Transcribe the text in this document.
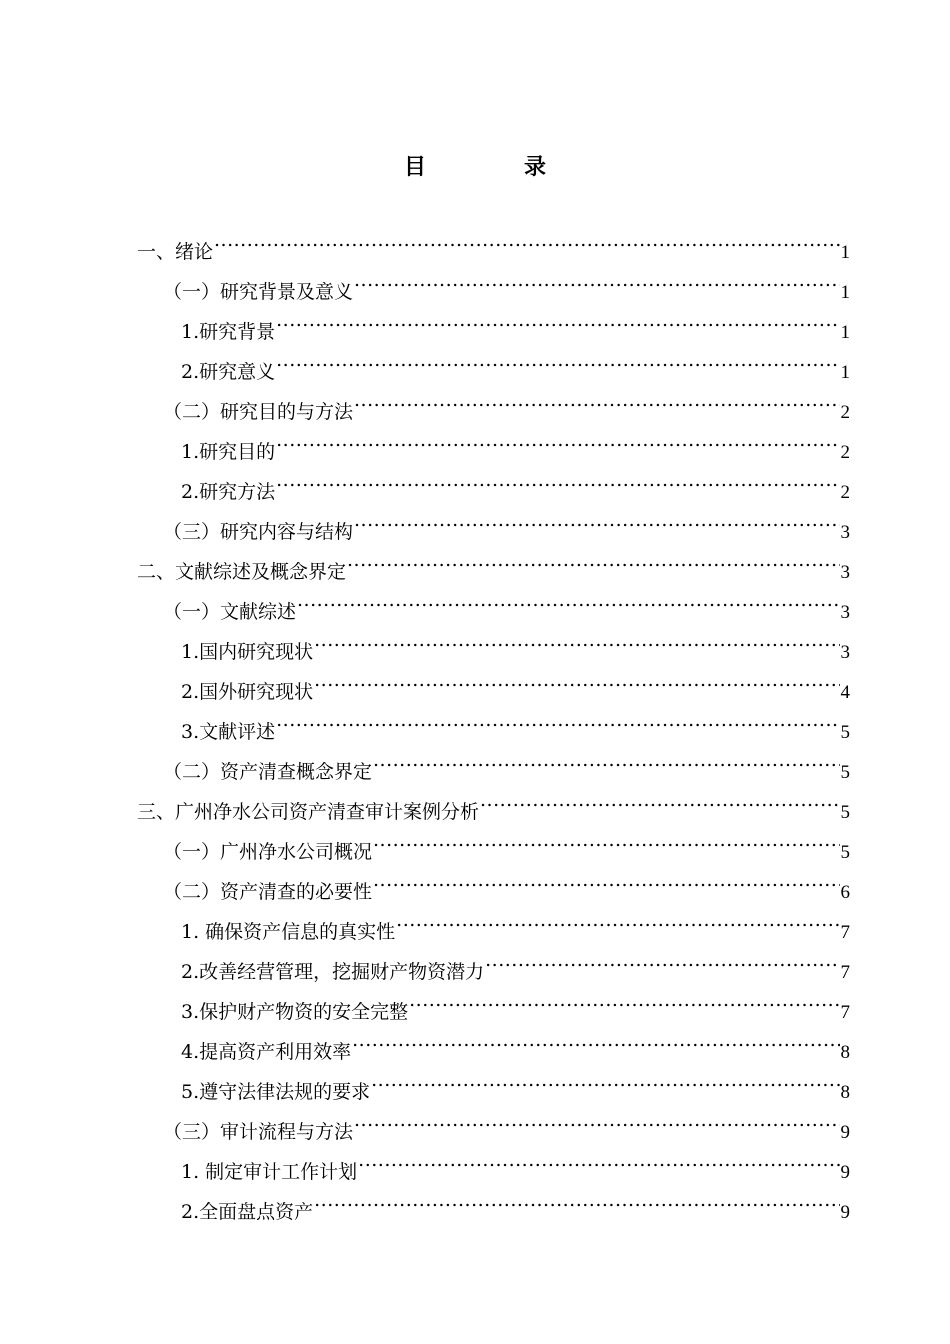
目	录
一、绪论 .....	1
（一）研究背景及意义 .....	1
1.研究背景 .....	1
2.研究意义 .....	1
（二）研究目的与方法 .....	2
1.研究目的 .....	2
2.研究方法 .....	2
（三）研究内容与结构 .....	3
二、文献综述及概念界定 .....	3
（一）文献综述 .....	3
1.国内研究现状 .....	3
2.国外研究现状 .....	4
3.文献评述 .....	5
（二）资产清查概念界定 .....	5
三、广州净水公司资产清查审计案例分析 .....	5
（一）广州净水公司概况 .....	5
（二）资产清查的必要性 .....	6
1. 确保资产信息的真实性 .....	7
2.改善经营管理，挖掘财产物资潜力 .....	7
3.保护财产物资的安全完整 .....	7
4.提高资产利用效率 .....	8
5.遵守法律法规的要求 .....	8
（三）审计流程与方法 .....	9
1. 制定审计工作计划 .....	9
2.全面盘点资产 .....	9
